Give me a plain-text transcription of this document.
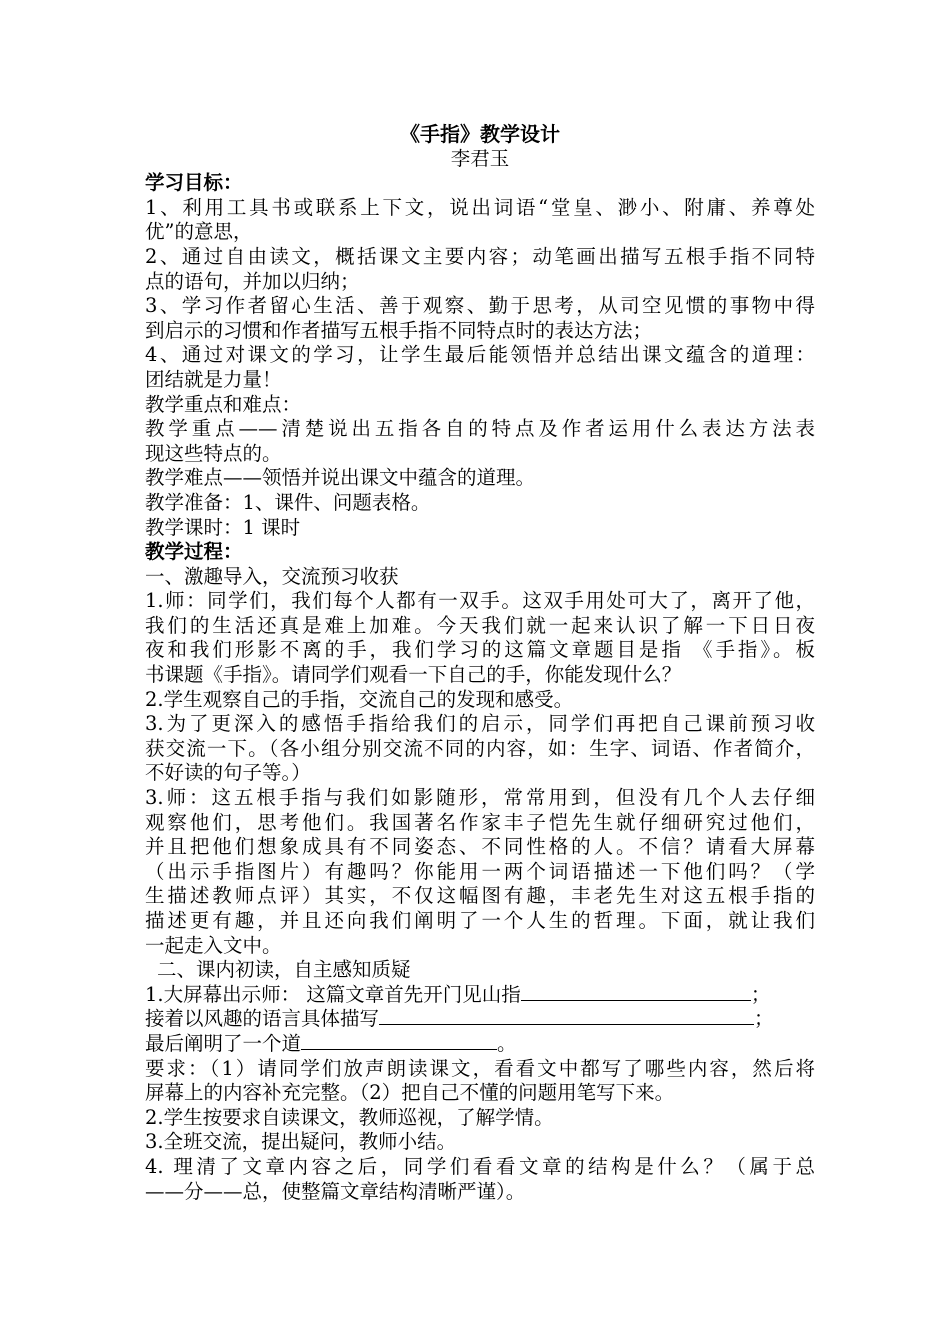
《手指》教学设计
李君玉
学习目标：
1、利用工具书或联系上下文，说出词语“堂皇、渺小、附庸、养尊处
优”的意思，
2、通过自由读文，概括课文主要内容；动笔画出描写五根手指不同特
点的语句，并加以归纳；
3、学习作者留心生活、善于观察、勤于思考，从司空见惯的事物中得
到启示的习惯和作者描写五根手指不同特点时的表达方法；
4、通过对课文的学习，让学生最后能领悟并总结出课文蕴含的道理：
团结就是力量！
教学重点和难点：
教学重点——清楚说出五指各自的特点及作者运用什么表达方法表
现这些特点的。
教学难点——领悟并说出课文中蕴含的道理。
教学准备：1、课件、问题表格。
教学课时：1 课时
教学过程：
一、激趣导入，交流预习收获
1.师：同学们，我们每个人都有一双手。这双手用处可大了，离开了他，
我们的生活还真是难上加难。今天我们就一起来认识了解一下日日夜
夜和我们形影不离的手，我们学习的这篇文章题目是指 《手指》。板
书课题《手指》。请同学们观看一下自己的手，你能发现什么？
2.学生观察自己的手指，交流自己的发现和感受。
3.为了更深入的感悟手指给我们的启示，同学们再把自己课前预习收
获交流一下。（各小组分别交流不同的内容，如：生字、词语、作者简介，
不好读的句子等。）
3.师：这五根手指与我们如影随形，常常用到，但没有几个人去仔细
观察他们，思考他们。我国著名作家丰子恺先生就仔细研究过他们，
并且把他们想象成具有不同姿态、不同性格的人。不信？请看大屏幕
（出示手指图片）有趣吗？你能用一两个词语描述一下他们吗？（学
生描述教师点评）其实，不仅这幅图有趣，丰老先生对这五根手指的
描述更有趣，并且还向我们阐明了一个人生的哲理。下面，就让我们
一起走入文中。
二、课内初读，自主感知质疑
1.大屏幕出示师： 这篇文章首先开门见山指	；
接着以风趣的语言具体描写	；
最后阐明了一个道	。
要求：（1）请同学们放声朗读课文，看看文中都写了哪些内容，然后将
屏幕上的内容补充完整。（2）把自己不懂的问题用笔写下来。
2.学生按要求自读课文，教师巡视，了解学情。
3.全班交流，提出疑问，教师小结。
4. 理清了文章内容之后，同学们看看文章的结构是什么？（属于总
——分——总，使整篇文章结构清晰严谨）。
